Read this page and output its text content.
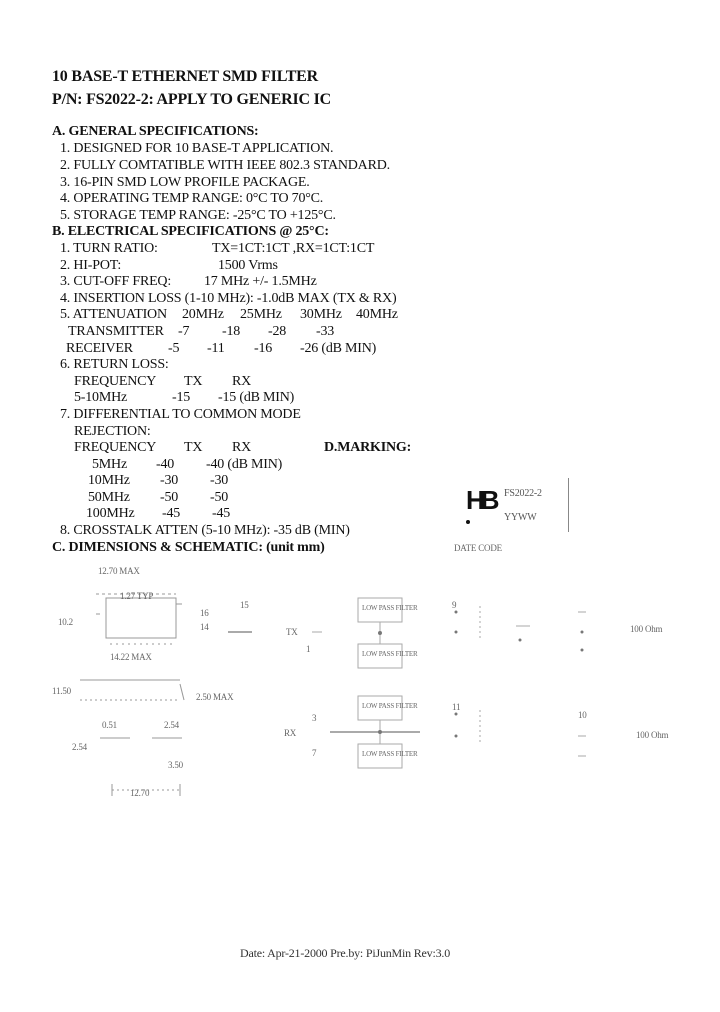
10 BASE-T ETHERNET SMD FILTER
P/N: FS2022-2: APPLY TO GENERIC IC
A. GENERAL SPECIFICATIONS:
1. DESIGNED FOR 10 BASE-T APPLICATION.
2. FULLY COMTATIBLE WITH IEEE 802.3 STANDARD.
3. 16-PIN SMD LOW PROFILE PACKAGE.
4. OPERATING TEMP RANGE: 0°C TO 70°C.
5. STORAGE TEMP RANGE: -25°C TO +125°C.
B. ELECTRICAL SPECIFICATIONS @ 25°C:
1. TURN RATIO:	TX=1CT:1CT ,RX=1CT:1CT
2. HI-POT:	1500 Vrms
3. CUT-OFF FREQ: 17 MHz +/- 1.5MHz
4. INSERTION LOSS (1-10 MHz): -1.0dB MAX (TX & RX)
5. ATTENUATION 20MHz 25MHz 30MHz 40MHz
TRANSMITTER -7 -18 -28 -33
RECEIVER	-5 -11 -16 -26 (dB MIN)
6. RETURN LOSS:
FREQUENCY TX RX
5-10MHz	-15 -15 (dB MIN)
7. DIFFERENTIAL TO COMMON MODE
REJECTION:
FREQUENCY TX RX
5MHz -40 -40 (dB MIN)
10MHz -30 -30
50MHz -50 -50
100MHz -45 -45
8. CROSSTALK ATTEN (5-10 MHz): -35 dB (MIN)
D.MARKING:
HB FS2022-2
YYWW
DATE CODE
C. DIMENSIONS & SCHEMATIC: (unit mm)
12.70 MAX
10.2
1.27 TYP
14.22 MAX
2.50 MAX
11.50
0.51	2.54
2.54
3.50
12.70
LOW PASS FILTER
LOW PASS FILTER
LOW PASS FILTER
LOW PASS FILTER
TX
RX
1
3
7
100 Ohm
100 Ohm
16
14
15	9
11
10
Date: Apr-21-2000 Pre.by: PiJunMin Rev:3.0
